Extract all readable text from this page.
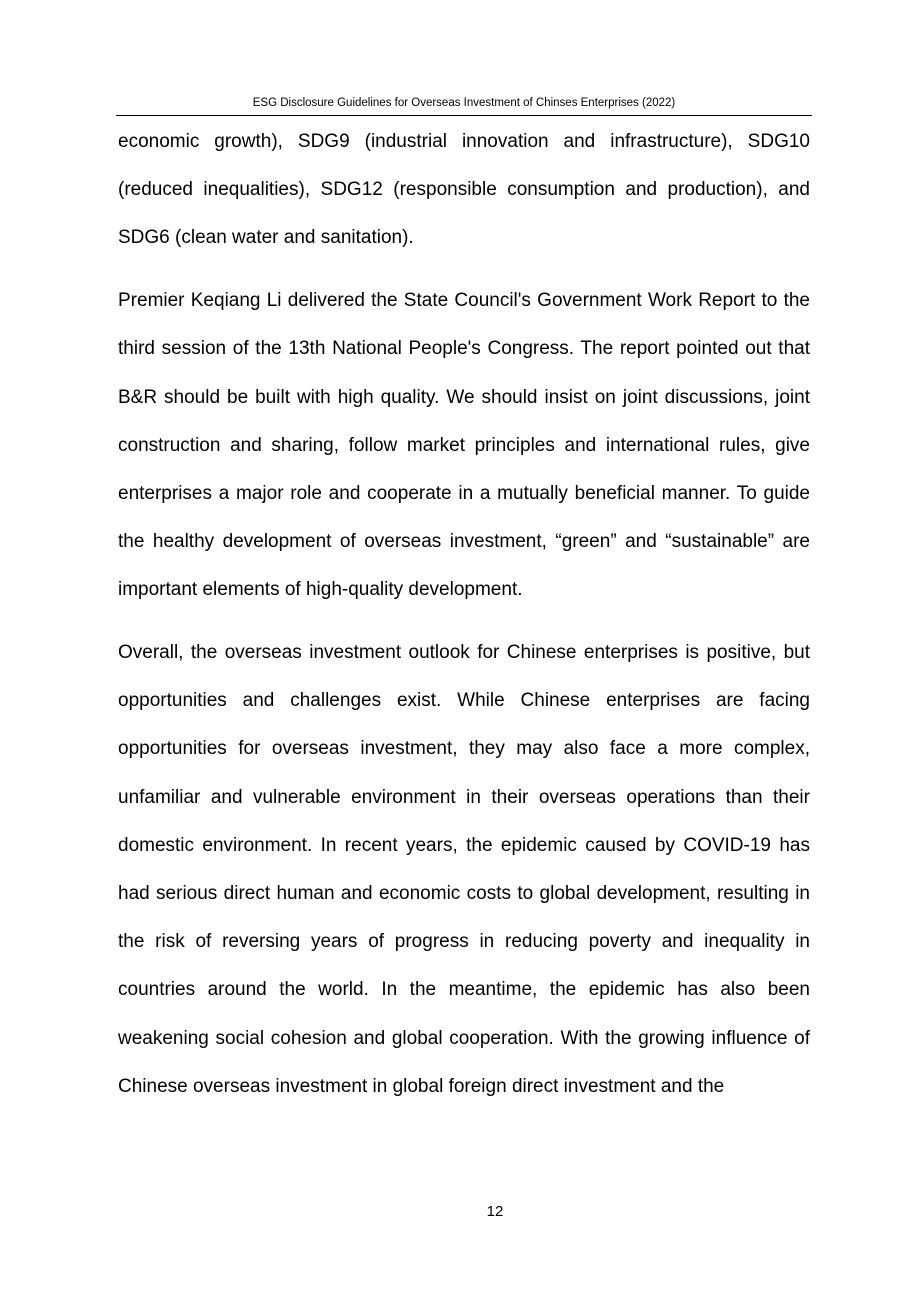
ESG Disclosure Guidelines for Overseas Investment of Chinses Enterprises (2022)

economic growth), SDG9 (industrial innovation and infrastructure), SDG10 (reduced inequalities), SDG12 (responsible consumption and production), and SDG6 (clean water and sanitation).

Premier Keqiang Li delivered the State Council's Government Work Report to the third session of the 13th National People's Congress. The report pointed out that B&R should be built with high quality. We should insist on joint discussions, joint construction and sharing, follow market principles and international rules, give enterprises a major role and cooperate in a mutually beneficial manner. To guide the healthy development of overseas investment, “green” and “sustainable” are important elements of high-quality development.

Overall, the overseas investment outlook for Chinese enterprises is positive, but opportunities and challenges exist. While Chinese enterprises are facing opportunities for overseas investment, they may also face a more complex, unfamiliar and vulnerable environment in their overseas operations than their domestic environment. In recent years, the epidemic caused by COVID-19 has had serious direct human and economic costs to global development, resulting in the risk of reversing years of progress in reducing poverty and inequality in countries around the world. In the meantime, the epidemic has also been weakening social cohesion and global cooperation. With the growing influence of Chinese overseas investment in global foreign direct investment and the

12
